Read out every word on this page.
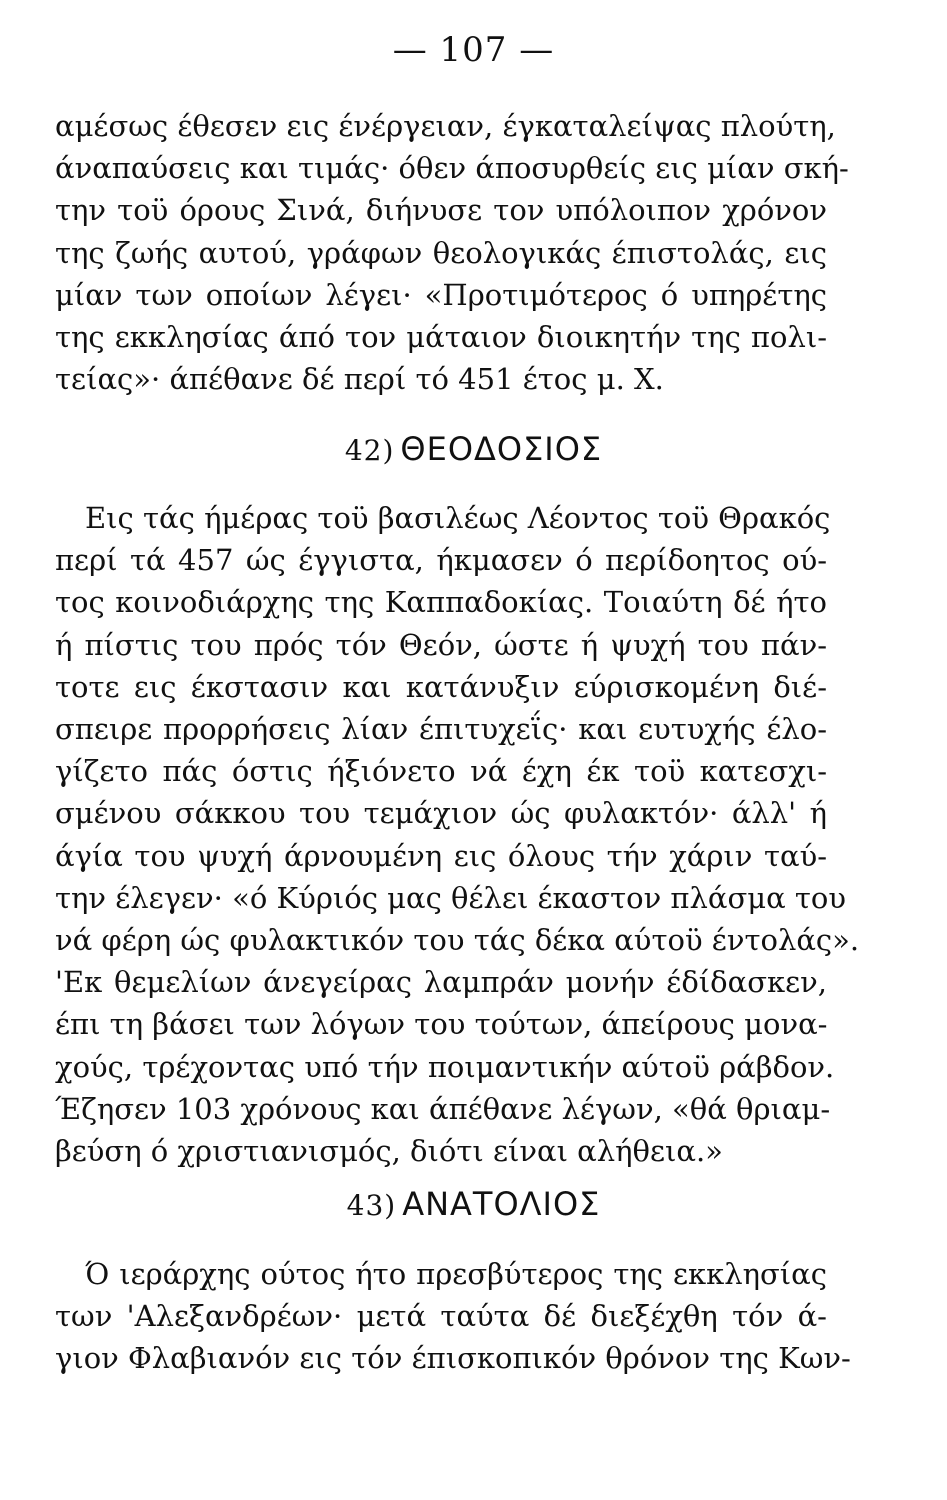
— 107 —
αμέσως έθεσεν εις ένέργειαν, έγκαταλείψας πλούτη,
άναπαύσεις και τιμάς· όθεν άποσυρθείς εις μίαν σκή-
την τοϋ όρους Σινά, διήνυσε τον υπόλοιπον χρόνον
της ζωής αυτού, γράφων θεολογικάς έπιστολάς, εις
μίαν των οποίων λέγει· «Προτιμότερος ό υπηρέτης
της εκκλησίας άπό τον μάταιον διοικητήν της πολι-
τείας»· άπέθανε δέ περί τό 451 έτος μ. Χ.
42) ΘΕΟΔΟΣΙΟΣ
Εις τάς ήμέρας τοϋ βασιλέως Λέοντος τοϋ Θρακός
περί τά 457 ώς έγγιστα, ήκμασεν ό περίδοητος ού-
τος κοινοδιάρχης της Καππαδοκίας. Τοιαύτη δέ ήτο
ή πίστις του πρός τόν Θεόν, ώστε ή ψυχή του πάν-
τοτε εις έκστασιν και κατάνυξιν εύρισκομένη διέ-
σπειρε προρρήσεις λίαν έπιτυχεΐς· και ευτυχής έλο-
γίζετο πάς όστις ήξιόνετο νά έχη έκ τοϋ κατεσχι-
σμένου σάκκου του τεμάχιον ώς φυλακτόν· άλλ' ή
άγία του ψυχή άρνουμένη εις όλους τήν χάριν ταύ-
την έλεγεν· «ό Κύριός μας θέλει έκαστον πλάσμα του
νά φέρη ώς φυλακτικόν του τάς δέκα αύτοϋ έντολάς».
'Εκ θεμελίων άνεγείρας λαμπράν μονήν έδίδασκεν,
έπι τη βάσει των λόγων του τούτων, άπείρους μονα-
χούς, τρέχοντας υπό τήν ποιμαντικήν αύτοϋ ράβδον.
Έζησεν 103 χρόνους και άπέθανε λέγων, «θά θριαμ-
βεύση ό χριστιανισμός, διότι είναι αλήθεια.»
43) ΑΝΑΤΟΛΙΟΣ
Ό ιεράρχης ούτος ήτο πρεσβύτερος της εκκλησίας
των 'Αλεξανδρέων· μετά ταύτα δέ διεξέχθη τόν ά-
γιον Φλαβιανόν εις τόν έπισκοπικόν θρόνον της Κων-
